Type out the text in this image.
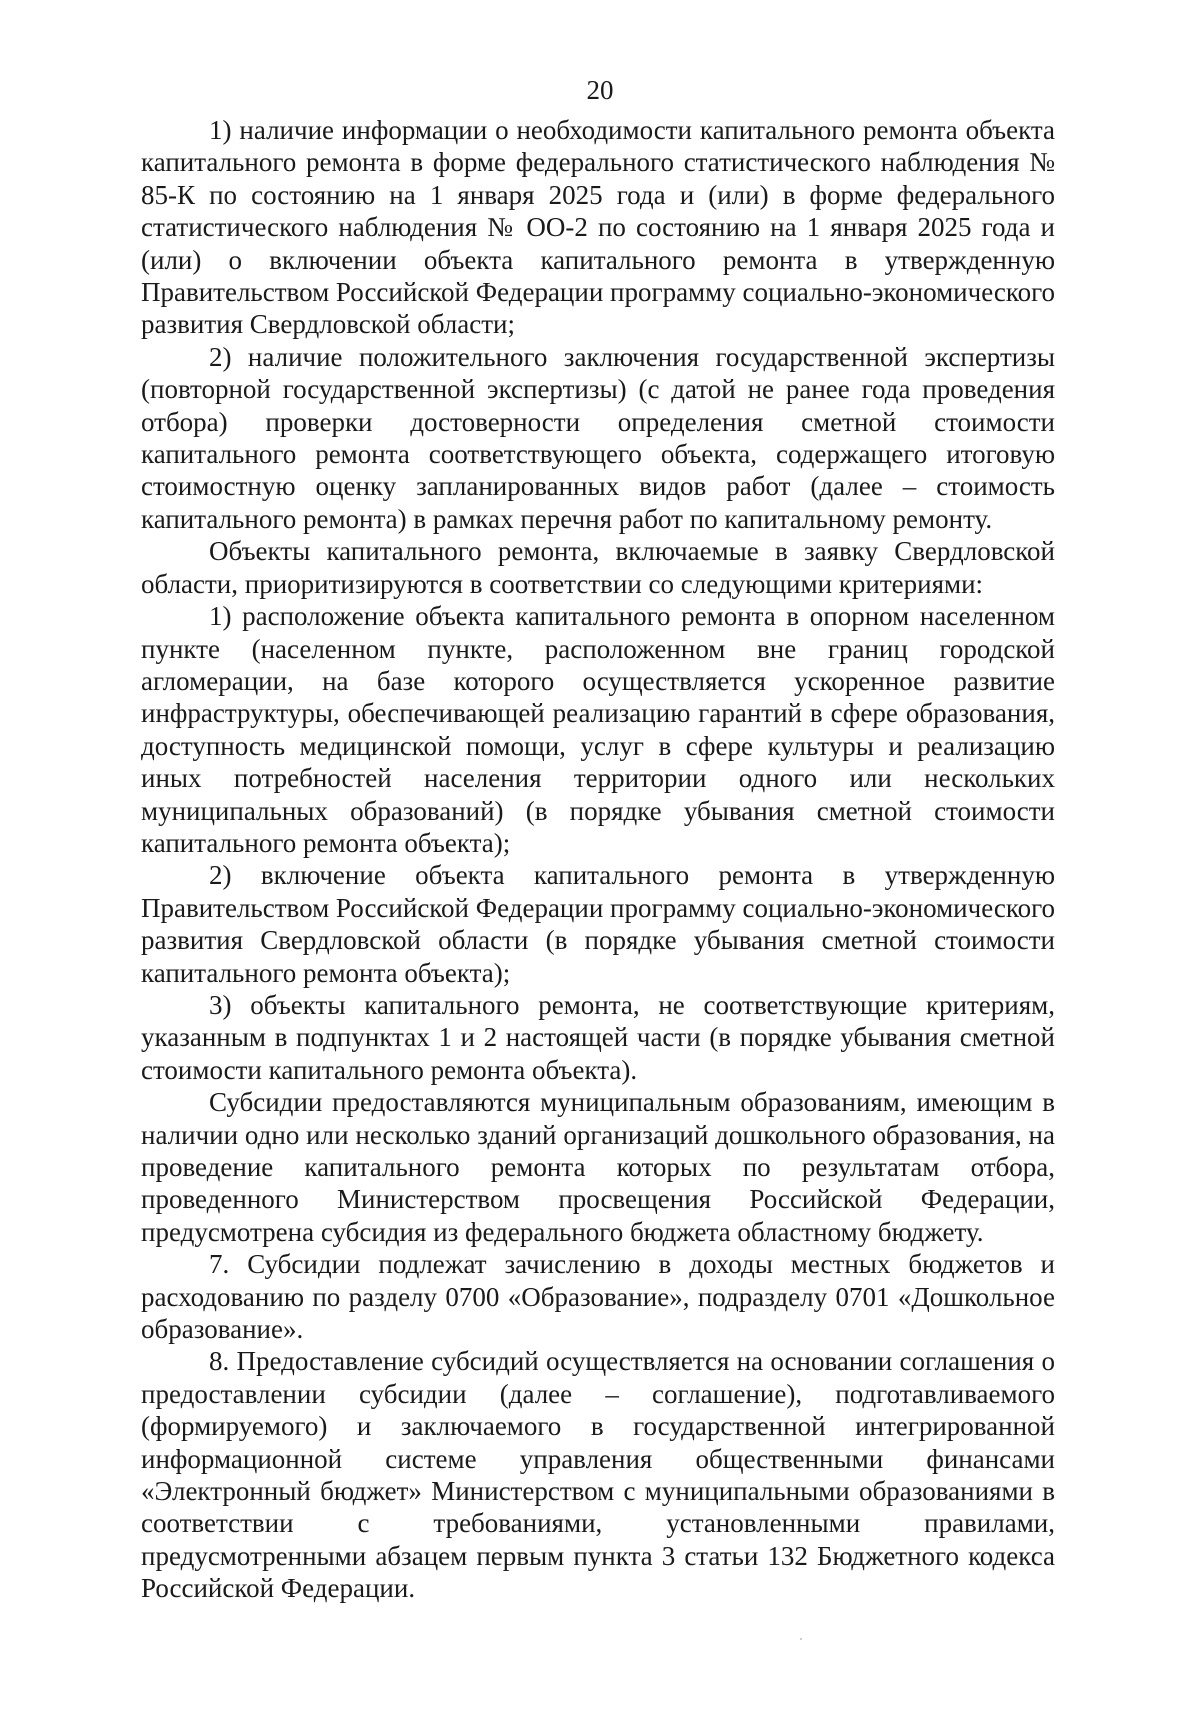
20

1) наличие информации о необходимости капитального ремонта объекта капитального ремонта в форме федерального статистического наблюдения № 85-К по состоянию на 1 января 2025 года и (или) в форме федерального статистического наблюдения № ОО-2 по состоянию на 1 января 2025 года и (или) о включении объекта капитального ремонта в утвержденную Правительством Российской Федерации программу социально-экономического развития Свердловской области;

2) наличие положительного заключения государственной экспертизы (повторной государственной экспертизы) (с датой не ранее года проведения отбора) проверки достоверности определения сметной стоимости капитального ремонта соответствующего объекта, содержащего итоговую стоимостную оценку запланированных видов работ (далее – стоимость капитального ремонта) в рамках перечня работ по капитальному ремонту.

Объекты капитального ремонта, включаемые в заявку Свердловской области, приоритизируются в соответствии со следующими критериями:

1) расположение объекта капитального ремонта в опорном населенном пункте (населенном пункте, расположенном вне границ городской агломерации, на базе которого осуществляется ускоренное развитие инфраструктуры, обеспечивающей реализацию гарантий в сфере образования, доступность медицинской помощи, услуг в сфере культуры и реализацию иных потребностей населения территории одного или нескольких муниципальных образований) (в порядке убывания сметной стоимости капитального ремонта объекта);

2) включение объекта капитального ремонта в утвержденную Правительством Российской Федерации программу социально-экономического развития Свердловской области (в порядке убывания сметной стоимости капитального ремонта объекта);

3) объекты капитального ремонта, не соответствующие критериям, указанным в подпунктах 1 и 2 настоящей части (в порядке убывания сметной стоимости капитального ремонта объекта).

Субсидии предоставляются муниципальным образованиям, имеющим в наличии одно или несколько зданий организаций дошкольного образования, на проведение капитального ремонта которых по результатам отбора, проведенного Министерством просвещения Российской Федерации, предусмотрена субсидия из федерального бюджета областному бюджету.

7. Субсидии подлежат зачислению в доходы местных бюджетов и расходованию по разделу 0700 «Образование», подразделу 0701 «Дошкольное образование».

8. Предоставление субсидий осуществляется на основании соглашения о предоставлении субсидии (далее – соглашение), подготавливаемого (формируемого) и заключаемого в государственной интегрированной информационной системе управления общественными финансами «Электронный бюджет» Министерством с муниципальными образованиями в соответствии с требованиями, установленными правилами, предусмотренными абзацем первым пункта 3 статьи 132 Бюджетного кодекса Российской Федерации.
